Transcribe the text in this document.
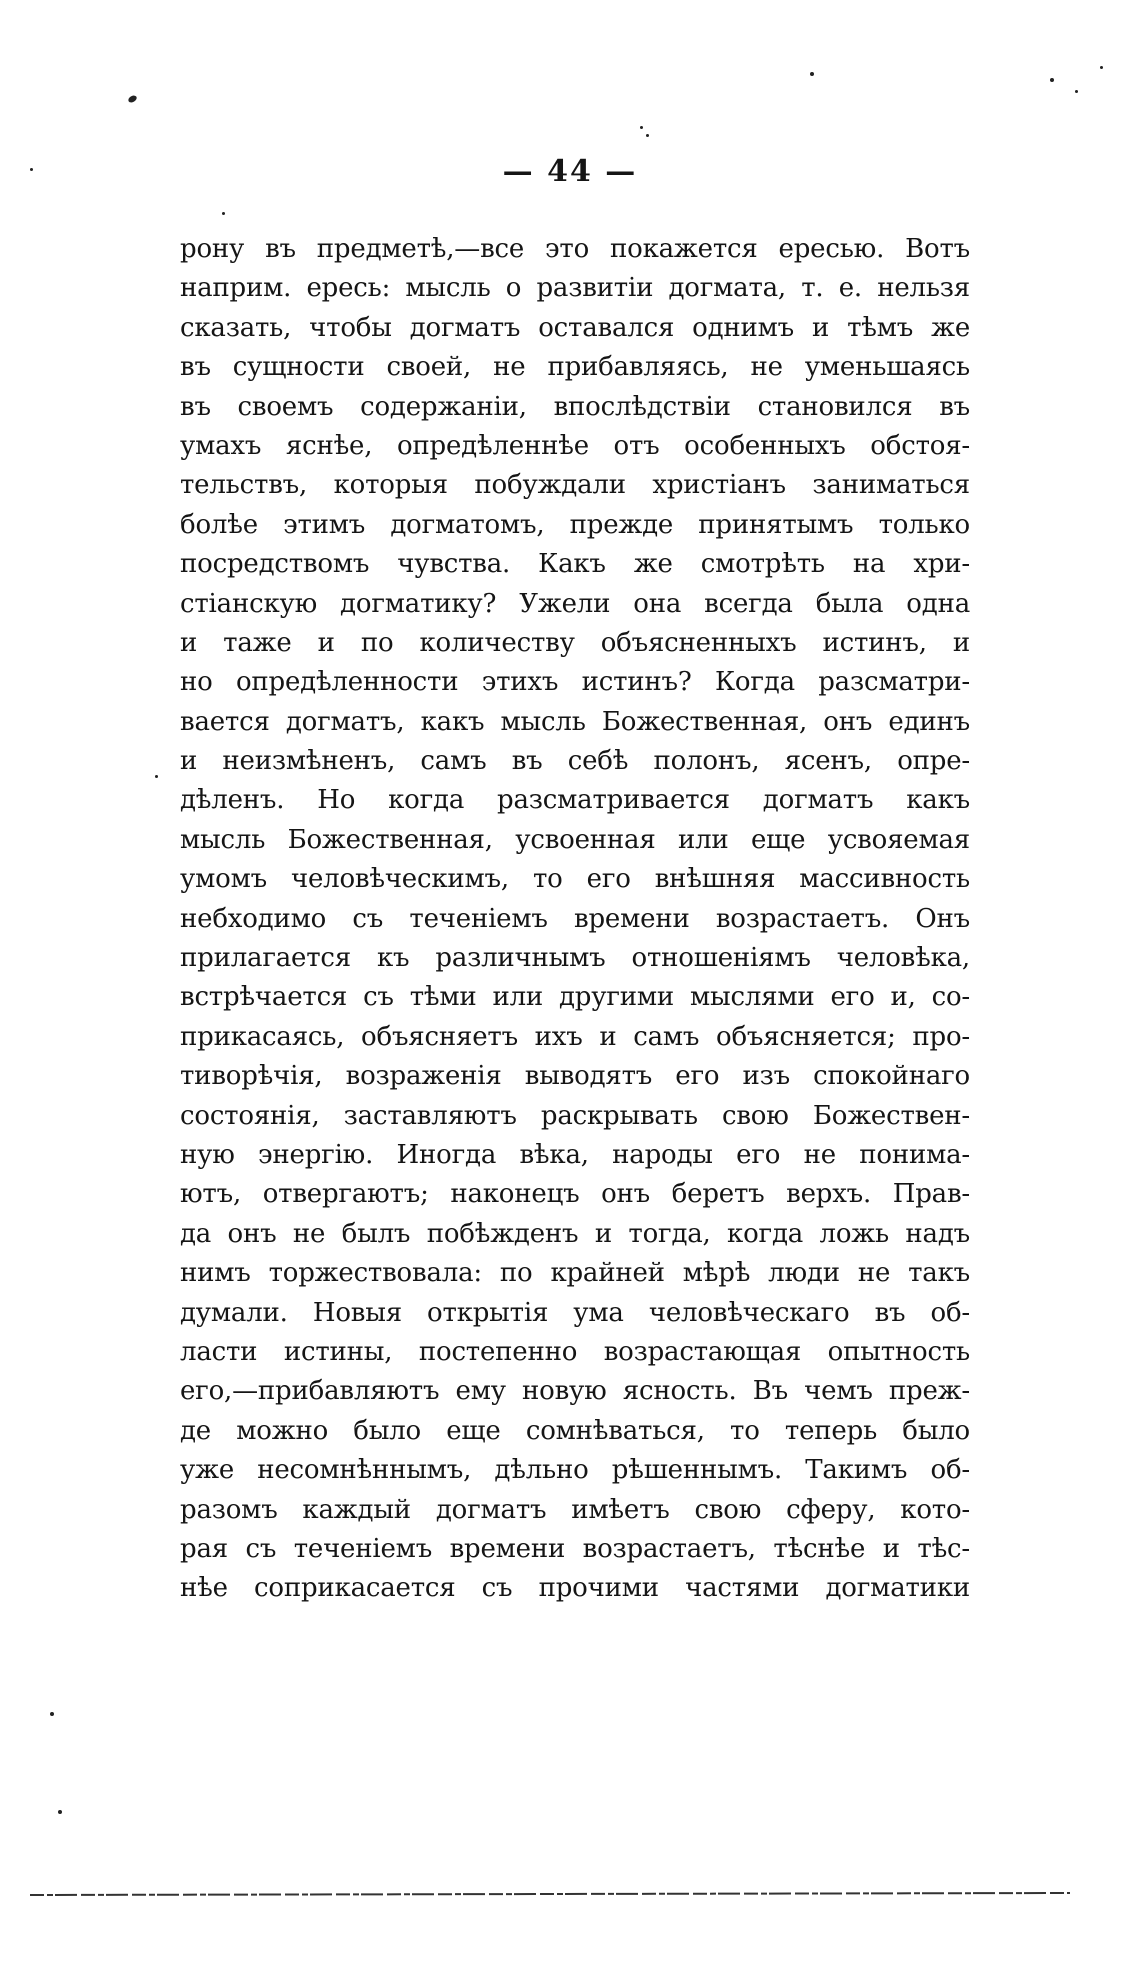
— 44 —
рону въ предметѣ,—все это покажется ересью. Вотъ
наприм. ересь: мысль о развитіи догмата, т. е. нельзя
сказать, чтобы догматъ оставался однимъ и тѣмъ же
въ сущности своей, не прибавляясь, не уменьшаясь
въ своемъ содержаніи, впослѣдствіи становился въ
умахъ яснѣе, опредѣленнѣе отъ особенныхъ обстоя-
тельствъ, которыя побуждали христіанъ заниматься
болѣе этимъ догматомъ, прежде принятымъ только
посредствомъ чувства. Какъ же смотрѣть на хри-
стіанскую догматику? Ужели она всегда была одна
и таже и по количеству объясненныхъ истинъ, и
но опредѣленности этихъ истинъ? Когда разсматри-
вается догматъ, какъ мысль Божественная, онъ единъ
и неизмѣненъ, самъ въ себѣ полонъ, ясенъ, опре-
дѣленъ. Но когда разсматривается догматъ какъ
мысль Божественная, усвоенная или еще усвояемая
умомъ человѣческимъ, то его внѣшняя массивность
небходимо съ теченіемъ времени возрастаетъ. Онъ
прилагается къ различнымъ отношеніямъ человѣка,
встрѣчается съ тѣми или другими мыслями его и, со-
прикасаясь, объясняетъ ихъ и самъ объясняется; про-
тиворѣчія, возраженія выводятъ его изъ спокойнаго
состоянія, заставляютъ раскрывать свою Божествен-
ную энергію. Иногда вѣка, народы его не понима-
ютъ, отвергаютъ; наконецъ онъ беретъ верхъ. Прав-
да онъ не былъ побѣжденъ и тогда, когда ложь надъ
нимъ торжествовала: по крайней мѣрѣ люди не такъ
думали. Новыя открытія ума человѣческаго въ об-
ласти истины, постепенно возрастающая опытность
его,—прибавляютъ ему новую ясность. Въ чемъ преж-
де можно было еще сомнѣваться, то теперь было
уже несомнѣннымъ, дѣльно рѣшеннымъ. Такимъ об-
разомъ каждый догматъ имѣетъ свою сферу, кото-
рая съ теченіемъ времени возрастаетъ, тѣснѣе и тѣс-
нѣе соприкасается съ прочими частями догматики
